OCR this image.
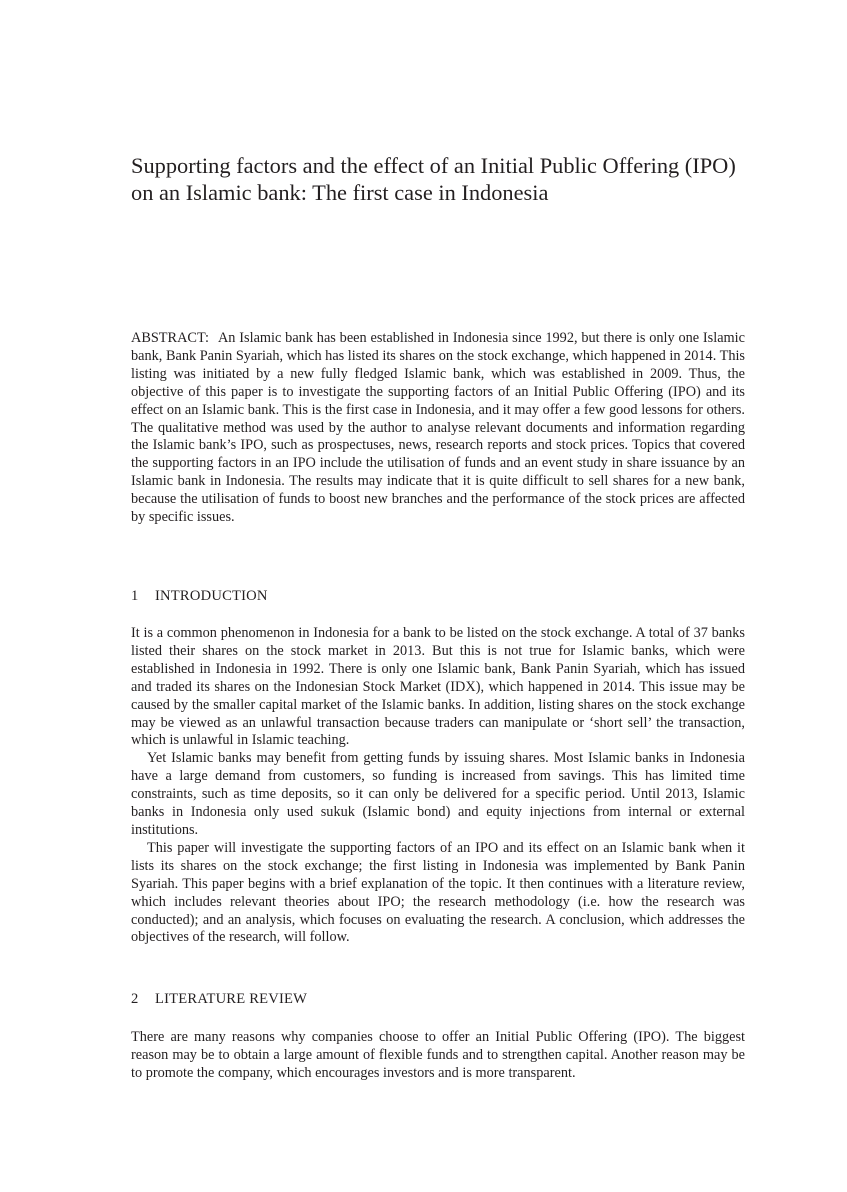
Supporting factors and the effect of an Initial Public Offering (IPO) on an Islamic bank: The first case in Indonesia

ABSTRACT: An Islamic bank has been established in Indonesia since 1992, but there is only one Islamic bank, Bank Panin Syariah, which has listed its shares on the stock exchange, which happened in 2014. This listing was initiated by a new fully fledged Islamic bank, which was established in 2009. Thus, the objective of this paper is to investigate the supporting factors of an Initial Public Offering (IPO) and its effect on an Islamic bank. This is the first case in Indonesia, and it may offer a few good lessons for others. The qualitative method was used by the author to analyse relevant documents and information regarding the Islamic bank’s IPO, such as prospectuses, news, research reports and stock prices. Topics that covered the supporting factors in an IPO include the utilisation of funds and an event study in share issuance by an Islamic bank in Indonesia. The results may indicate that it is quite difficult to sell shares for a new bank, because the utilisation of funds to boost new branches and the performance of the stock prices are affected by specific issues.

1 INTRODUCTION

It is a common phenomenon in Indonesia for a bank to be listed on the stock exchange. A total of 37 banks listed their shares on the stock market in 2013. But this is not true for Islamic banks, which were established in Indonesia in 1992. There is only one Islamic bank, Bank Panin Syariah, which has issued and traded its shares on the Indonesian Stock Market (IDX), which happened in 2014. This issue may be caused by the smaller capital market of the Islamic banks. In addition, listing shares on the stock exchange may be viewed as an unlawful transaction because traders can manipulate or ‘short sell’ the transaction, which is unlawful in Islamic teaching.

Yet Islamic banks may benefit from getting funds by issuing shares. Most Islamic banks in Indonesia have a large demand from customers, so funding is increased from savings. This has limited time constraints, such as time deposits, so it can only be delivered for a specific period. Until 2013, Islamic banks in Indonesia only used sukuk (Islamic bond) and equity injections from internal or external institutions.

This paper will investigate the supporting factors of an IPO and its effect on an Islamic bank when it lists its shares on the stock exchange; the first listing in Indonesia was implemented by Bank Panin Syariah. This paper begins with a brief explanation of the topic. It then continues with a literature review, which includes relevant theories about IPO; the research methodology (i.e. how the research was conducted); and an analysis, which focuses on evaluating the research. A conclusion, which addresses the objectives of the research, will follow.

2 LITERATURE REVIEW

There are many reasons why companies choose to offer an Initial Public Offering (IPO). The biggest reason may be to obtain a large amount of flexible funds and to strengthen capital. Another reason may be to promote the company, which encourages investors and is more transparent.
